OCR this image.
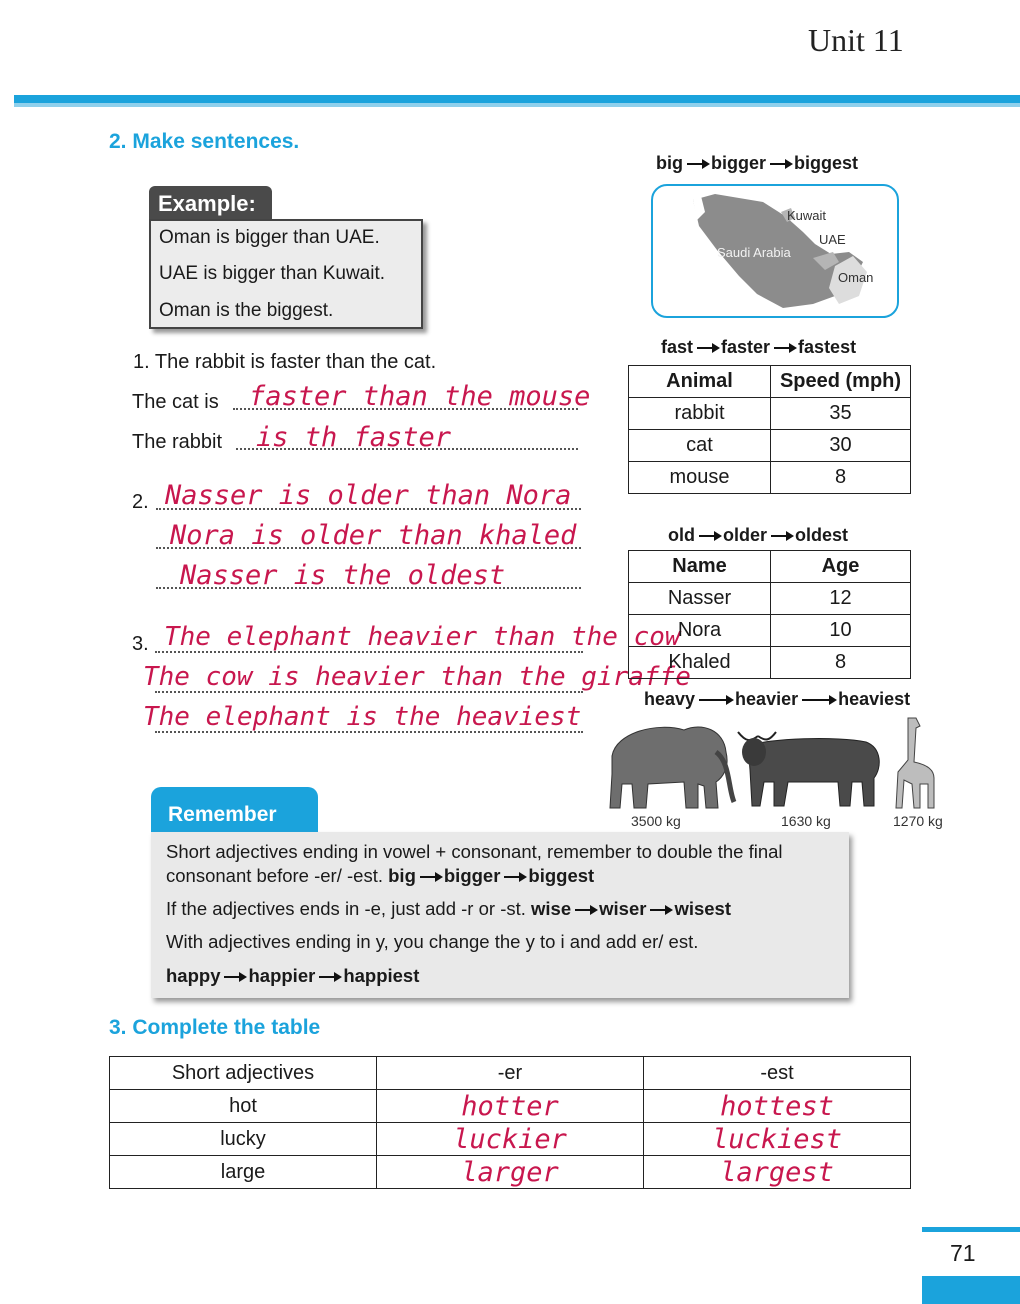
Unit 11
2. Make sentences.
Example:
Oman is bigger than UAE.
UAE is bigger than Kuwait.
Oman is the biggest.
1. The rabbit is faster than the cat.
The cat is faster than the mouse
The rabbit is th faster
2. Nasser is older than Nora
Nora is older than khaled
Nasser is the oldest
3. The elephant heavier than the cow
The cow is heavier than the giraffe
The elephant is the heaviest
big bigger biggest
Kuwait
UAE
Saudi Arabia
Oman
fast faster fastest
Animal	Speed (mph)
rabbit	35
cat	30
mouse	8
old older oldest
Name	Age
Nasser	12
Nora	10
Khaled	8
heavy heavier heaviest
3500 kg	1630 kg	1270 kg
Remember
Short adjectives ending in vowel + consonant, remember to double the final
consonant before -er/ -est. big bigger biggest
If the adjectives ends in -e, just add -r or -st. wise wiser wisest
With adjectives ending in y, you change the y to i and add er/ est.
happy happier happiest
3. Complete the table
Short adjectives	-er	-est
hot	hotter	hottest
lucky	luckier	luckiest
large	larger	largest
71
